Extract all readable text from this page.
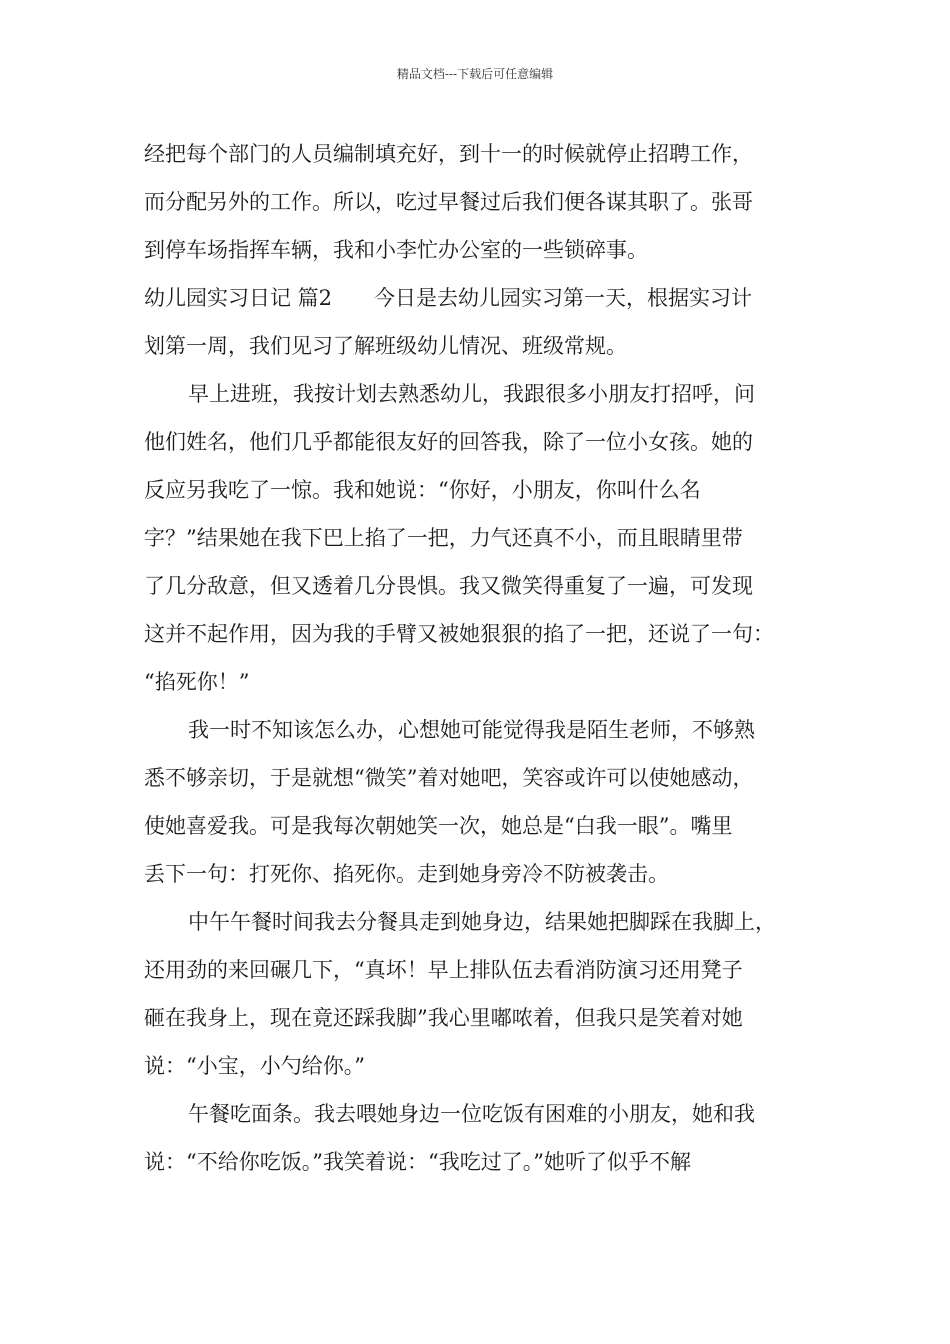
精品文档---下载后可任意编辑
经把每个部门的人员编制填充好，到十一的时候就停止招聘工作，
而分配另外的工作。所以，吃过早餐过后我们便各谋其职了。张哥
到停车场指挥车辆，我和小李忙办公室的一些锁碎事。
幼儿园实习日记 篇2 今日是去幼儿园实习第一天，根据实习计
划第一周，我们见习了解班级幼儿情况、班级常规。
早上进班，我按计划去熟悉幼儿，我跟很多小朋友打招呼，问
他们姓名，他们几乎都能很友好的回答我，除了一位小女孩。她的
反应另我吃了一惊。我和她说：“你好，小朋友，你叫什么名
字？”结果她在我下巴上掐了一把，力气还真不小，而且眼睛里带
了几分敌意，但又透着几分畏惧。我又微笑得重复了一遍，可发现
这并不起作用，因为我的手臂又被她狠狠的掐了一把，还说了一句：
“掐死你！”
我一时不知该怎么办，心想她可能觉得我是陌生老师，不够熟
悉不够亲切，于是就想“微笑”着对她吧，笑容或许可以使她感动，
使她喜爱我。可是我每次朝她笑一次，她总是“白我一眼”。嘴里
丢下一句：打死你、掐死你。走到她身旁冷不防被袭击。
中午午餐时间我去分餐具走到她身边，结果她把脚踩在我脚上，
还用劲的来回碾几下，“真坏！早上排队伍去看消防演习还用凳子
砸在我身上，现在竟还踩我脚”我心里嘟哝着，但我只是笑着对她
说：“小宝，小勺给你。”
午餐吃面条。我去喂她身边一位吃饭有困难的小朋友，她和我
说：“不给你吃饭。”我笑着说：“我吃过了。”她听了似乎不解
